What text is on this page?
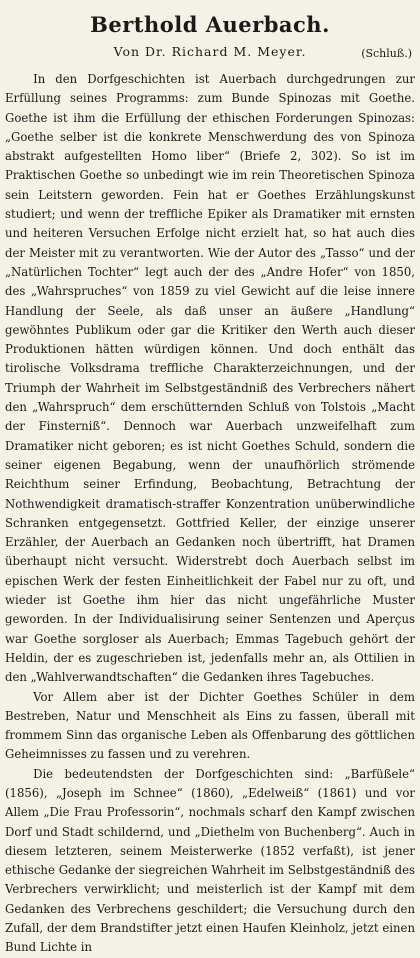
Berthold Auerbach.
Von Dr. Richard M. Meyer.	(Schluß.)

In den Dorfgeschichten ist Auerbach durchgedrungen zur Erfüllung seines Programms: zum Bunde Spinozas mit Goethe. Goethe ist ihm die Erfüllung der ethischen Forderungen Spinozas: „Goethe selber ist die konkrete Menschwerdung des von Spinoza abstrakt aufgestellten Homo liber“ (Briefe 2, 302). So ist im Praktischen Goethe so unbedingt wie im rein Theoretischen Spinoza sein Leitstern geworden. Fein hat er Goethes Erzählungskunst studiert; und wenn der treffliche Epiker als Dramatiker mit ernsten und heiteren Versuchen Erfolge nicht erzielt hat, so hat auch dies der Meister mit zu verantworten. Wie der Autor des „Tasso“ und der „Natürlichen Tochter“ legt auch der des „Andre Hofer“ von 1850, des „Wahrspruches“ von 1859 zu viel Gewicht auf die leise innere Handlung der Seele, als daß unser an äußere „Handlung“ gewöhntes Publikum oder gar die Kritiker den Werth auch dieser Produktionen hätten würdigen können. Und doch enthält das tirolische Volksdrama treffliche Charakterzeichnungen, und der Triumph der Wahrheit im Selbstgeständniß des Verbrechers nähert den „Wahrspruch“ dem erschütternden Schluß von Tolstois „Macht der Finsterniß“. Dennoch war Auerbach unzweifelhaft zum Dramatiker nicht geboren; es ist nicht Goethes Schuld, sondern die seiner eigenen Begabung, wenn der unaufhörlich strömende Reichthum seiner Erfindung, Beobachtung, Betrachtung der Nothwendigkeit dramatisch-straffer Konzentration unüberwindliche Schranken entgegensetzt. Gottfried Keller, der einzige unserer Erzähler, der Auerbach an Gedanken noch übertrifft, hat Dramen überhaupt nicht versucht. Widerstrebt doch Auerbach selbst im epischen Werk der festen Einheitlichkeit der Fabel nur zu oft, und wieder ist Goethe ihm hier das nicht ungefährliche Muster geworden. In der Individualisirung seiner Sentenzen und Aperçus war Goethe sorgloser als Auerbach; Emmas Tagebuch gehört der Heldin, der es zugeschrieben ist, jedenfalls mehr an, als Ottilien in den „Wahlverwandtschaften“ die Gedanken ihres Tagebuches.

Vor Allem aber ist der Dichter Goethes Schüler in dem Bestreben, Natur und Menschheit als Eins zu fassen, überall mit frommem Sinn das organische Leben als Offenbarung des göttlichen Geheimnisses zu fassen und zu verehren.

Die bedeutendsten der Dorfgeschichten sind: „Barfüßele“ (1856), „Joseph im Schnee“ (1860), „Edelweiß“ (1861) und vor Allem „Die Frau Professorin“, nochmals scharf den Kampf zwischen Dorf und Stadt schildernd, und „Diethelm von Buchenberg“. Auch in diesem letzteren, seinem Meisterwerke (1852 verfaßt), ist jener ethische Gedanke der siegreichen Wahrheit im Selbstgeständniß des Verbrechers verwirklicht; und meisterlich ist der Kampf mit dem Gedanken des Verbrechens geschildert; die Versuchung durch den Zufall, der dem Brandstifter jetzt einen Haufen Kleinholz, jetzt einen Bund Lichte in
